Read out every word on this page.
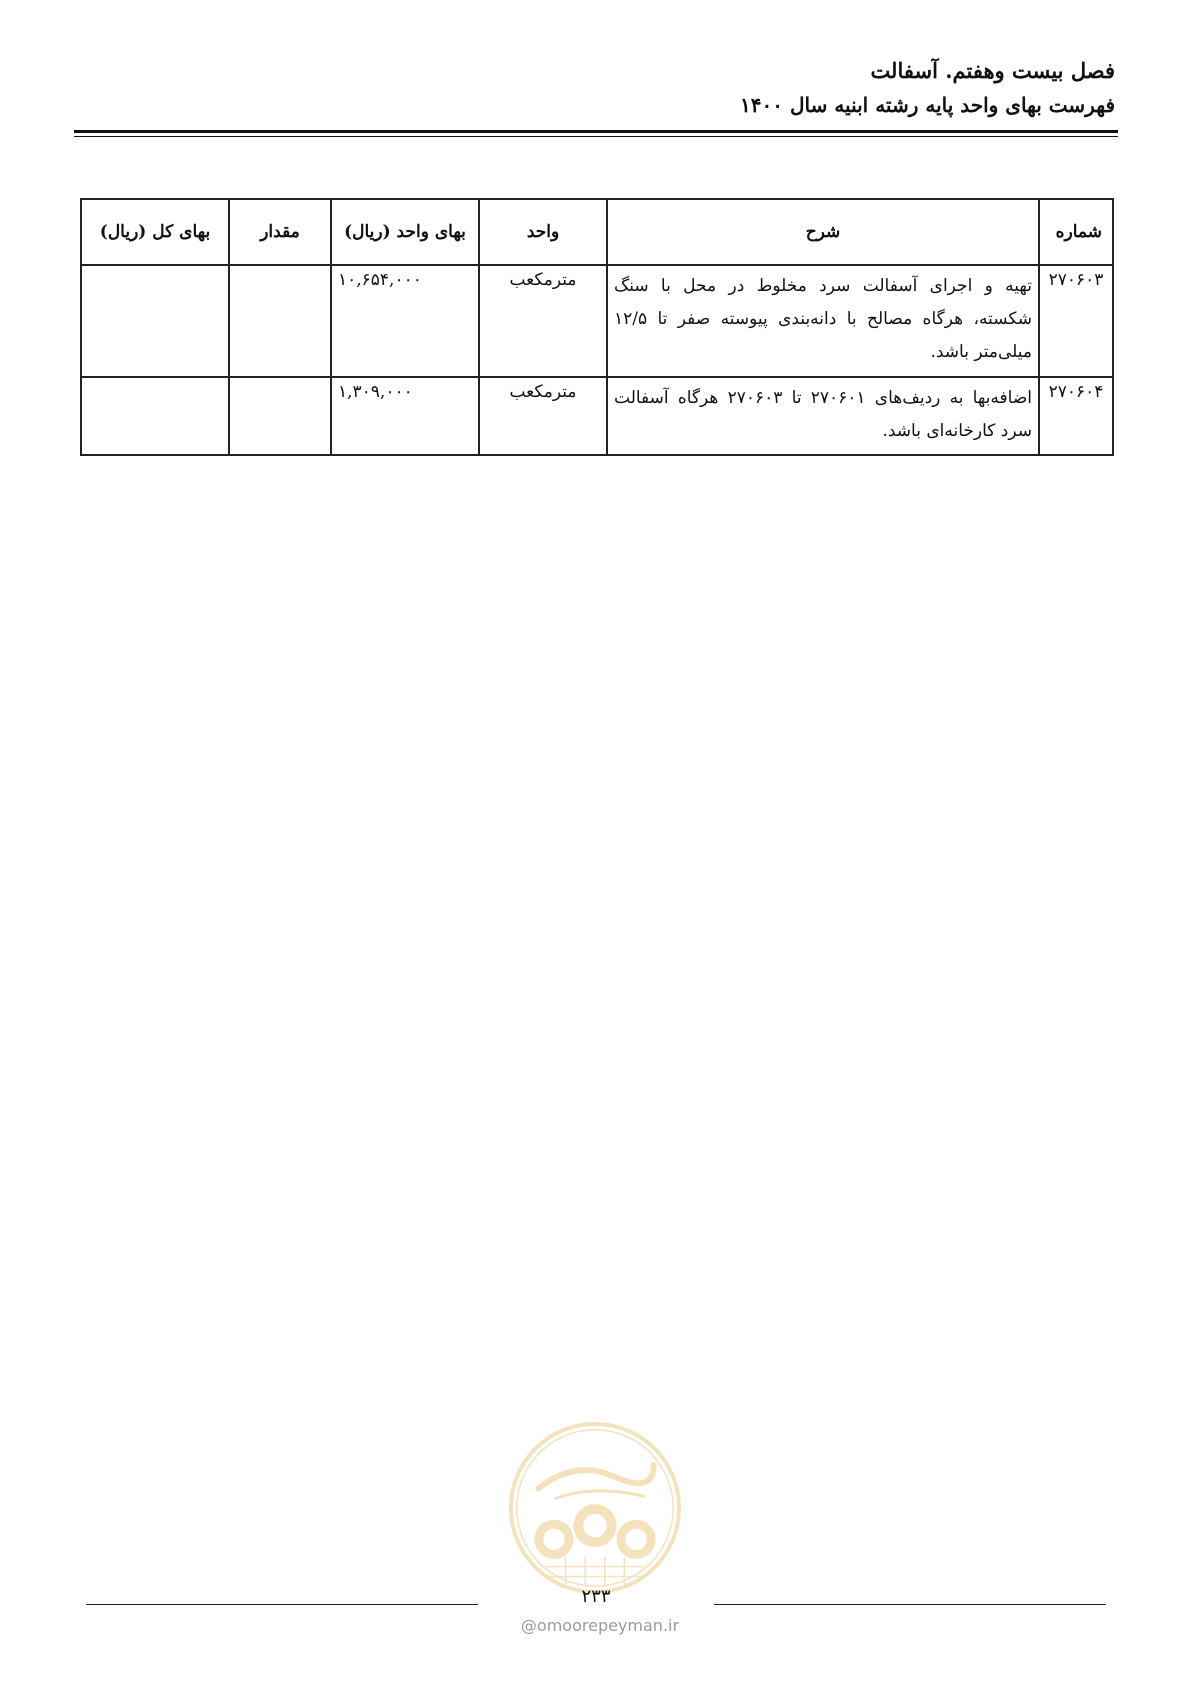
فصل بیست وهفتم. آسفالت
فهرست بهای واحد پایه رشته ابنیه سال ۱۴۰۰
شماره	شرح	واحد	بهای واحد (ریال)	مقدار	بهای کل (ریال)
۲۷۰۶۰۳	تهیه و اجرای آسفالت سرد مخلوط در محل با سنگ شکسته، هرگاه مصالح با دانه‌بندی پیوسته صفر تا ۱۲/۵ میلی‌متر باشد.	مترمکعب	۱۰,۶۵۴,۰۰۰		
۲۷۰۶۰۴	اضافه‌بها به ردیف‌های ۲۷۰۶۰۱ تا ۲۷۰۶۰۳ هرگاه آسفالت سرد کارخانه‌ای باشد.	مترمکعب	۱,۳۰۹,۰۰۰		
۲۳۳
@omoorepeyman.ir
